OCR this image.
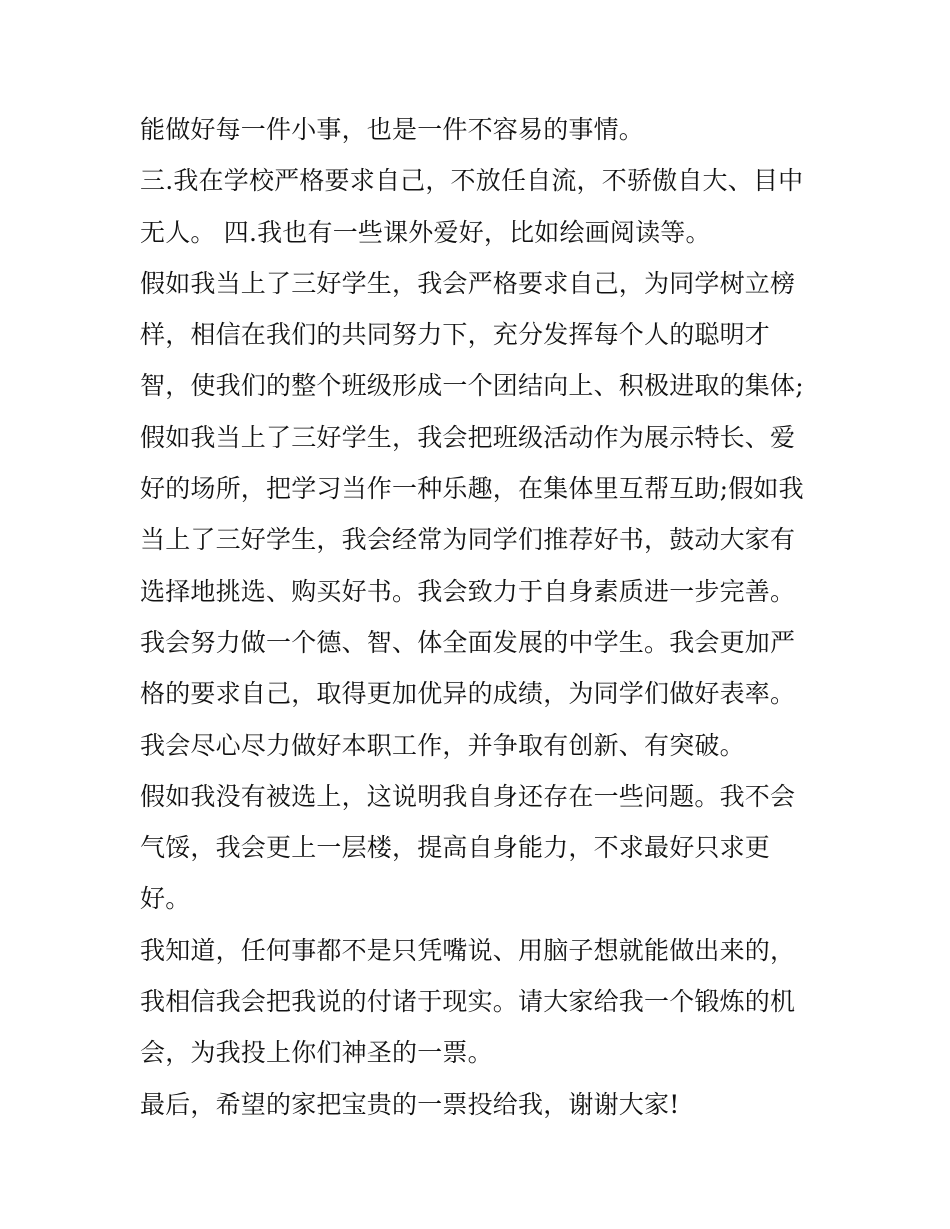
能做好每一件小事，也是一件不容易的事情。

三.我在学校严格要求自己，不放任自流，不骄傲自大、目中无人。 四.我也有一些课外爱好，比如绘画阅读等。

假如我当上了三好学生，我会严格要求自己，为同学树立榜样，相信在我们的共同努力下，充分发挥每个人的聪明才智，使我们的整个班级形成一个团结向上、积极进取的集体;假如我当上了三好学生，我会把班级活动作为展示特长、爱好的场所，把学习当作一种乐趣，在集体里互帮互助;假如我当上了三好学生，我会经常为同学们推荐好书，鼓动大家有选择地挑选、购买好书。我会致力于自身素质进一步完善。我会努力做一个德、智、体全面发展的中学生。我会更加严格的要求自己，取得更加优异的成绩，为同学们做好表率。我会尽心尽力做好本职工作，并争取有创新、有突破。

假如我没有被选上，这说明我自身还存在一些问题。我不会气馁，我会更上一层楼，提高自身能力，不求最好只求更好。

我知道，任何事都不是只凭嘴说、用脑子想就能做出来的，我相信我会把我说的付诸于现实。请大家给我一个锻炼的机会，为我投上你们神圣的一票。

最后，希望的家把宝贵的一票投给我，谢谢大家!
